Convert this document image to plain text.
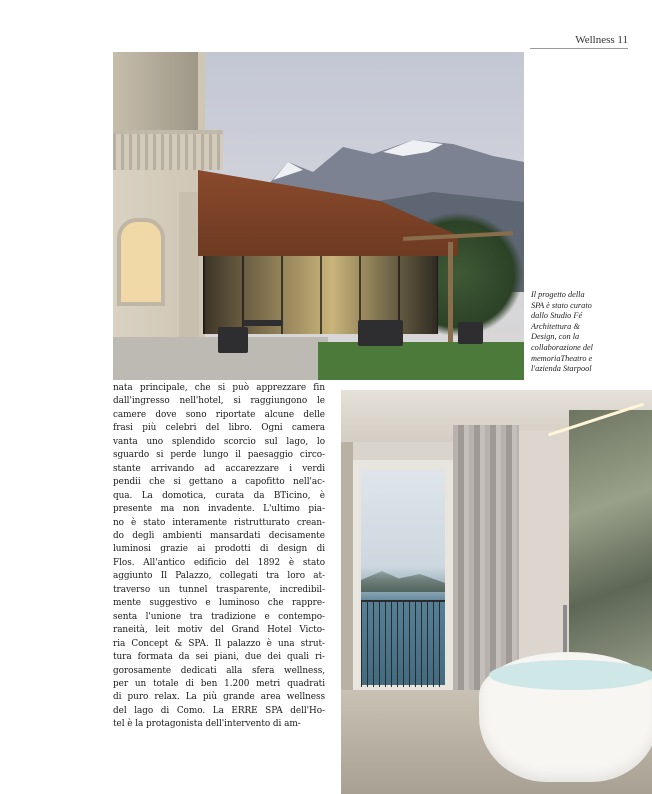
Wellness 11
Il progetto della
SPA è stato curato
dallo Studio Fé
Architettura &
Design, con la
collaborazione del
memoriaTheatro e
l'azienda Starpool
nata principale, che si può apprezzare fin
dall'ingresso nell'hotel, si raggiungono le
camere dove sono riportate alcune delle
frasi più celebri del libro. Ogni camera
vanta uno splendido scorcio sul lago, lo
sguardo si perde lungo il paesaggio circo-
stante arrivando ad accarezzare i verdi
pendii che si gettano a capofitto nell'ac-
qua. La domotica, curata da BTicino, è
presente ma non invadente. L'ultimo pia-
no è stato interamente ristrutturato crean-
do degli ambienti mansardati decisamente
luminosi grazie ai prodotti di design di
Flos. All'antico edificio del 1892 è stato
aggiunto Il Palazzo, collegati tra loro at-
traverso un tunnel trasparente, incredibil-
mente suggestivo e luminoso che rappre-
senta l'unione tra tradizione e contempo-
raneità, leit motiv del Grand Hotel Victo-
ria Concept & SPA. Il palazzo è una strut-
tura formata da sei piani, due dei quali ri-
gorosamente dedicati alla sfera wellness,
per un totale di ben 1.200 metri quadrati
di puro relax. La più grande area wellness
del lago di Como. La ERRE SPA dell'Ho-
tel è la protagonista dell'intervento di am-
